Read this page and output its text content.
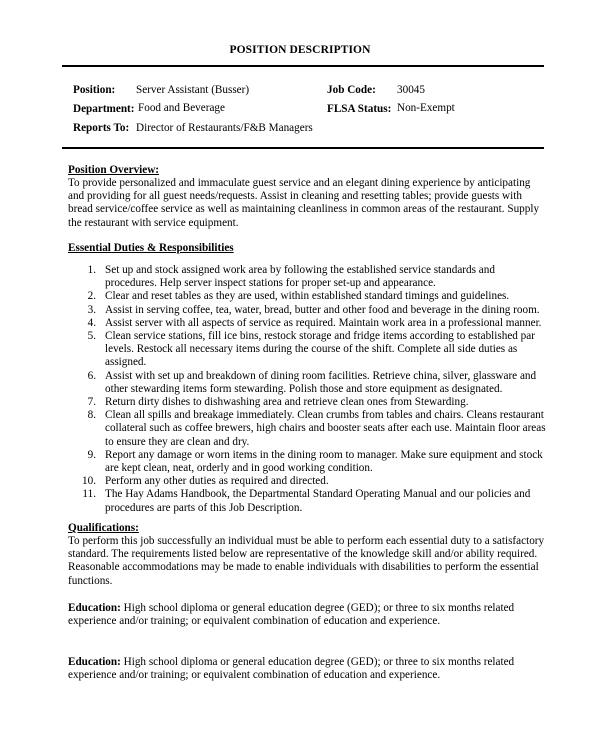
POSITION DESCRIPTION
Position: Server Assistant (Busser)	Job Code: 30045
Department: Food and Beverage	FLSA Status: Non-Exempt
Reports To: Director of Restaurants/F&B Managers
Position Overview:
To provide personalized and immaculate guest service and an elegant dining experience by anticipating and providing for all guest needs/requests. Assist in cleaning and resetting tables; provide guests with bread service/coffee service as well as maintaining cleanliness in common areas of the restaurant. Supply the restaurant with service equipment.
Essential Duties & Responsibilities
1. Set up and stock assigned work area by following the established service standards and procedures. Help server inspect stations for proper set-up and appearance.
2. Clear and reset tables as they are used, within established standard timings and guidelines.
3. Assist in serving coffee, tea, water, bread, butter and other food and beverage in the dining room.
4. Assist server with all aspects of service as required. Maintain work area in a professional manner.
5. Clean service stations, fill ice bins, restock storage and fridge items according to established par levels. Restock all necessary items during the course of the shift. Complete all side duties as assigned.
6. Assist with set up and breakdown of dining room facilities. Retrieve china, silver, glassware and other stewarding items form stewarding. Polish those and store equipment as designated.
7. Return dirty dishes to dishwashing area and retrieve clean ones from Stewarding.
8. Clean all spills and breakage immediately. Clean crumbs from tables and chairs. Cleans restaurant collateral such as coffee brewers, high chairs and booster seats after each use. Maintain floor areas to ensure they are clean and dry.
9. Report any damage or worn items in the dining room to manager. Make sure equipment and stock are kept clean, neat, orderly and in good working condition.
10. Perform any other duties as required and directed.
11. The Hay Adams Handbook, the Departmental Standard Operating Manual and our policies and procedures are parts of this Job Description.
Qualifications:
To perform this job successfully an individual must be able to perform each essential duty to a satisfactory standard. The requirements listed below are representative of the knowledge skill and/or ability required. Reasonable accommodations may be made to enable individuals with disabilities to perform the essential functions.
Education: High school diploma or general education degree (GED); or three to six months related experience and/or training; or equivalent combination of education and experience.
Education: High school diploma or general education degree (GED); or three to six months related experience and/or training; or equivalent combination of education and experience.
